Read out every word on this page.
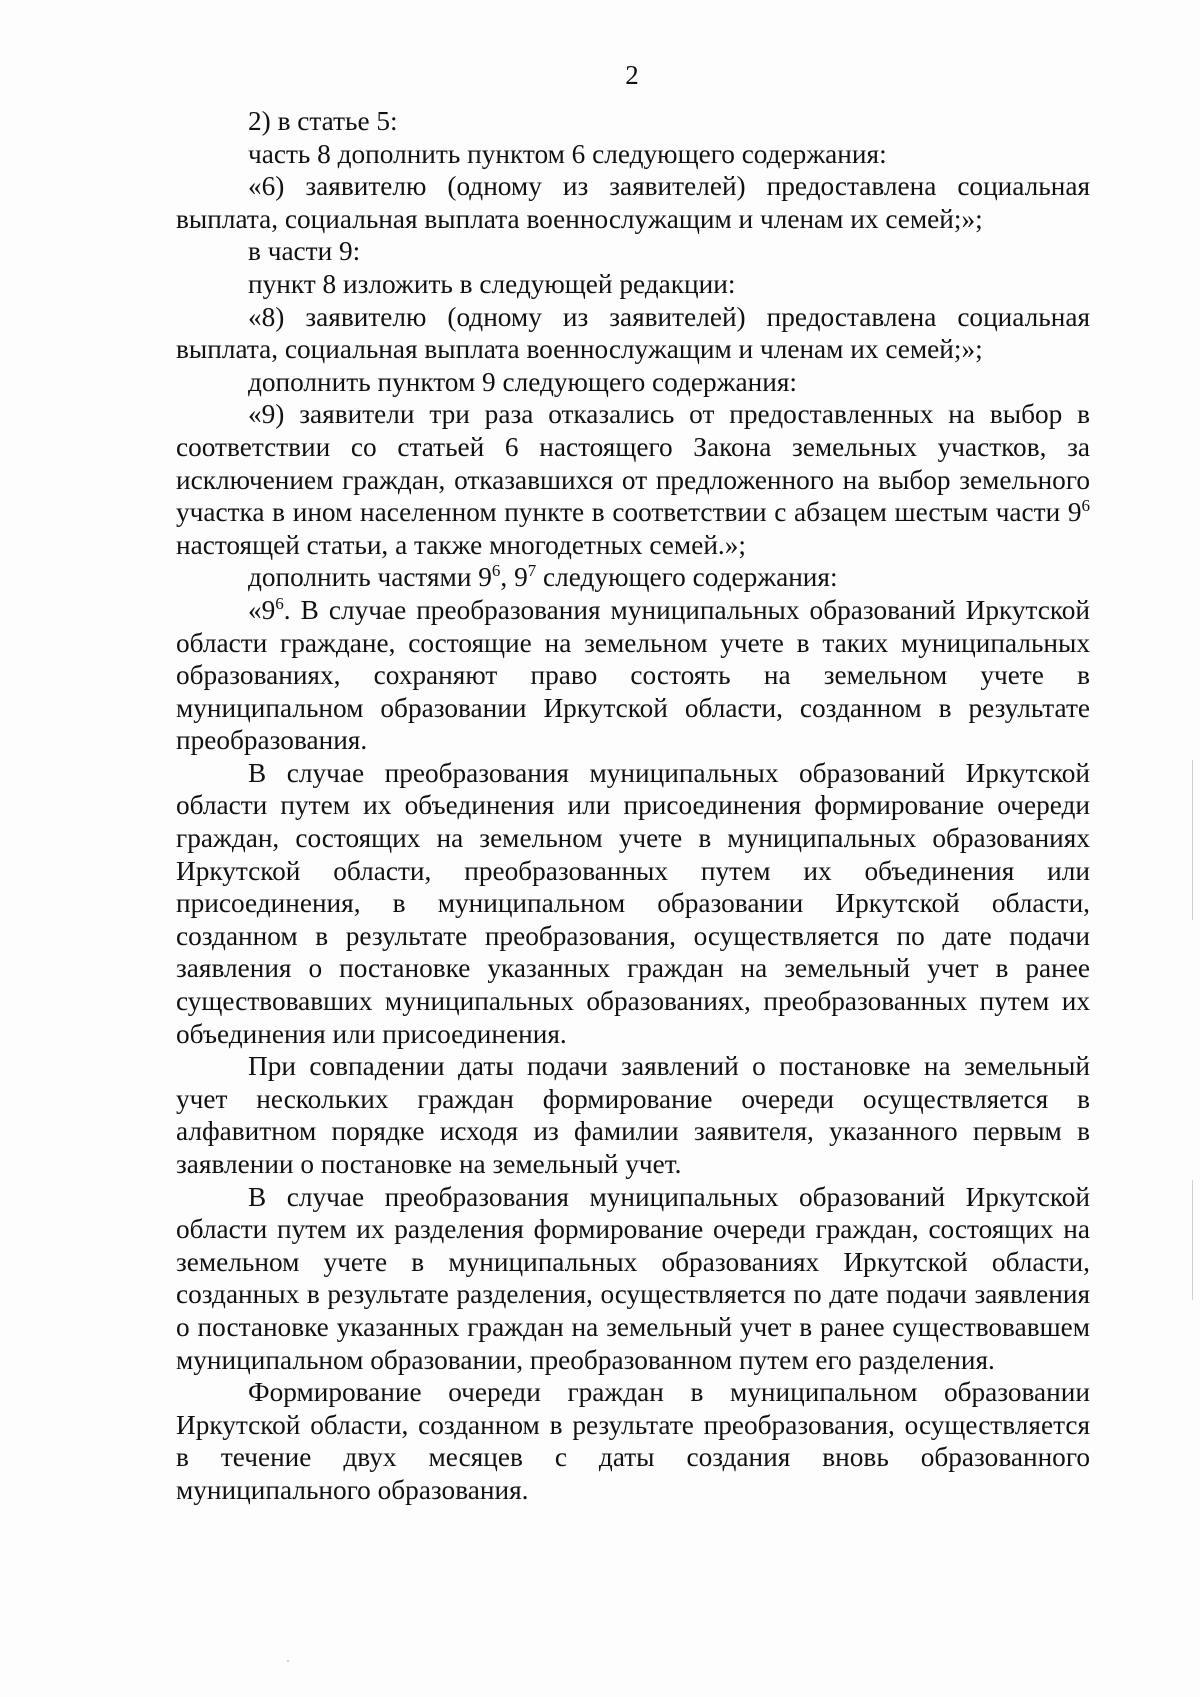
2

2) в статье 5:

часть 8 дополнить пунктом 6 следующего содержания:

«6) заявителю (одному из заявителей) предоставлена социальная выплата, социальная выплата военнослужащим и членам их семей;»;

в части 9:

пункт 8 изложить в следующей редакции:

«8) заявителю (одному из заявителей) предоставлена социальная выплата, социальная выплата военнослужащим и членам их семей;»;

дополнить пунктом 9 следующего содержания:

«9) заявители три раза отказались от предоставленных на выбор в соответствии со статьей 6 настоящего Закона земельных участков, за исключением граждан, отказавшихся от предложенного на выбор земельного участка в ином населенном пункте в соответствии с абзацем шестым части $9^6$ настоящей статьи, а также многодетных семей.»;

дополнить частями $9^6$, $9^7$ следующего содержания:

«$9^6$. В случае преобразования муниципальных образований Иркутской области граждане, состоящие на земельном учете в таких муниципальных образованиях, сохраняют право состоять на земельном учете в муниципальном образовании Иркутской области, созданном в результате преобразования.

В случае преобразования муниципальных образований Иркутской области путем их объединения или присоединения формирование очереди граждан, состоящих на земельном учете в муниципальных образованиях Иркутской области, преобразованных путем их объединения или присоединения, в муниципальном образовании Иркутской области, созданном в результате преобразования, осуществляется по дате подачи заявления о постановке указанных граждан на земельный учет в ранее существовавших муниципальных образованиях, преобразованных путем их объединения или присоединения.

При совпадении даты подачи заявлений о постановке на земельный учет нескольких граждан формирование очереди осуществляется в алфавитном порядке исходя из фамилии заявителя, указанного первым в заявлении о постановке на земельный учет.

В случае преобразования муниципальных образований Иркутской области путем их разделения формирование очереди граждан, состоящих на земельном учете в муниципальных образованиях Иркутской области, созданных в результате разделения, осуществляется по дате подачи заявления о постановке указанных граждан на земельный учет в ранее существовавшем муниципальном образовании, преобразованном путем его разделения.

Формирование очереди граждан в муниципальном образовании Иркутской области, созданном в результате преобразования, осуществляется в течение двух месяцев с даты создания вновь образованного муниципального образования.
